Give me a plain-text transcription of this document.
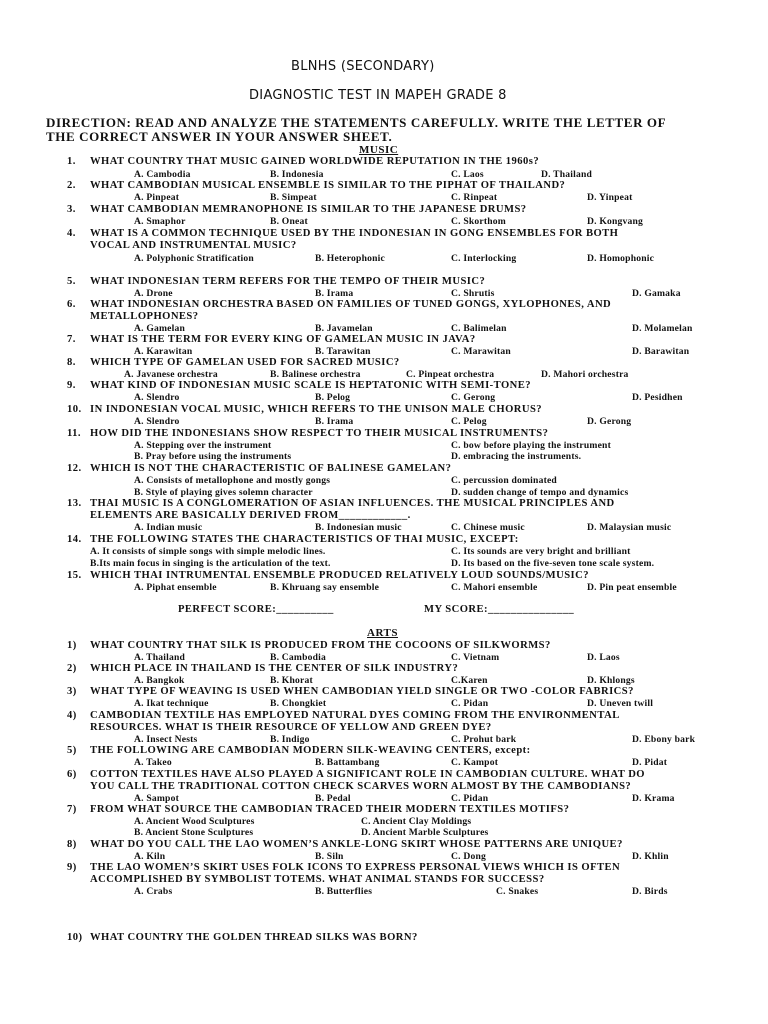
BLNHS (SECONDARY)
DIAGNOSTIC TEST IN MAPEH GRADE 8
DIRECTION: READ AND ANALYZE THE STATEMENTS CAREFULLY. WRITE THE LETTER OF
THE CORRECT ANSWER IN YOUR ANSWER SHEET.
MUSIC
1. WHAT COUNTRY THAT MUSIC GAINED WORLDWIDE REPUTATION IN THE 1960s?
A. Cambodia	B. Indonesia	C. Laos	D. Thailand
2. WHAT CAMBODIAN MUSICAL ENSEMBLE IS SIMILAR TO THE PIPHAT OF THAILAND?
A. Pinpeat	B. Simpeat	C. Rinpeat	D. Yinpeat
3. WHAT CAMBODIAN MEMRANOPHONE IS SIMILAR TO THE JAPANESE DRUMS?
A. Smaphor	B. Oneat	C. Skorthom	D. Kongvang
4. WHAT IS A COMMON TECHNIQUE USED BY THE INDONESIAN IN GONG ENSEMBLES FOR BOTH
VOCAL AND INSTRUMENTAL MUSIC?
A. Polyphonic Stratification	B. Heterophonic	C. Interlocking	D. Homophonic
5. WHAT INDONESIAN TERM REFERS FOR THE TEMPO OF THEIR MUSIC?
A. Drone	B. Irama	C. Shrutis	D. Gamaka
6. WHAT INDONESIAN ORCHESTRA BASED ON FAMILIES OF TUNED GONGS, XYLOPHONES, AND
METALLOPHONES?
A. Gamelan	B. Javamelan	C. Balimelan	D. Molamelan
7. WHAT IS THE TERM FOR EVERY KING OF GAMELAN MUSIC IN JAVA?
A. Karawitan	B. Tarawitan	C. Marawitan	D. Barawitan
8. WHICH TYPE OF GAMELAN USED FOR SACRED MUSIC?
A. Javanese orchestra	B. Balinese orchestra	C. Pinpeat orchestra	D. Mahori orchestra
9. WHAT KIND OF INDONESIAN MUSIC SCALE IS HEPTATONIC WITH SEMI-TONE?
A. Slendro	B. Pelog	C. Gerong	D. Pesidhen
10. IN INDONESIAN VOCAL MUSIC, WHICH REFERS TO THE UNISON MALE CHORUS?
A. Slendro	B. Irama	C. Pelog	D. Gerong
11. HOW DID THE INDONESIANS SHOW RESPECT TO THEIR MUSICAL INSTRUMENTS?
A. Stepping over the instrument	C. bow before playing the instrument
B. Pray before using the instruments	D. embracing the instruments.
12. WHICH IS NOT THE CHARACTERISTIC OF BALINESE GAMELAN?
A. Consists of metallophone and mostly gongs	C. percussion dominated
B. Style of playing gives solemn character	D. sudden change of tempo and dynamics
13. THAI MUSIC IS A CONGLOMERATION OF ASIAN INFLUENCES. THE MUSICAL PRINCIPLES AND
ELEMENTS ARE BASICALLY DERIVED FROM____________.
A. Indian music	B. Indonesian music	C. Chinese music	D. Malaysian music
14. THE FOLLOWING STATES THE CHARACTERISTICS OF THAI MUSIC, EXCEPT:
A. It consists of simple songs with simple melodic lines.	C. Its sounds are very bright and brilliant
B.Its main focus in singing is the articulation of the text.	D. Its based on the five-seven tone scale system.
15. WHICH THAI INTRUMENTAL ENSEMBLE PRODUCED RELATIVELY LOUD SOUNDS/MUSIC?
A. Piphat ensemble	B. Khruang say ensemble	C. Mahori ensemble	D. Pin peat ensemble
PERFECT SCORE:__________	MY SCORE:_______________
ARTS
1) WHAT COUNTRY THAT SILK IS PRODUCED FROM THE COCOONS OF SILKWORMS?
A. Thailand	B. Cambodia	C. Vietnam	D. Laos
2) WHICH PLACE IN THAILAND IS THE CENTER OF SILK INDUSTRY?
A. Bangkok	B. Khorat	C.Karen	D. Khlongs
3) WHAT TYPE OF WEAVING IS USED WHEN CAMBODIAN YIELD SINGLE OR TWO -COLOR FABRICS?
A. Ikat technique	B. Chongkiet	C. Pidan	D. Uneven twill
4) CAMBODIAN TEXTILE HAS EMPLOYED NATURAL DYES COMING FROM THE ENVIRONMENTAL
RESOURCES. WHAT IS THEIR RESOURCE OF YELLOW AND GREEN DYE?
A. Insect Nests	B. Indigo	C. Prohut bark	D. Ebony bark
5) THE FOLLOWING ARE CAMBODIAN MODERN SILK-WEAVING CENTERS, except:
A. Takeo	B. Battambang	C. Kampot	D. Pidat
6) COTTON TEXTILES HAVE ALSO PLAYED A SIGNIFICANT ROLE IN CAMBODIAN CULTURE. WHAT DO
YOU CALL THE TRADITIONAL COTTON CHECK SCARVES WORN ALMOST BY THE CAMBODIANS?
A. Sampot	B. Pedal	C. Pidan	D. Krama
7) FROM WHAT SOURCE THE CAMBODIAN TRACED THEIR MODERN TEXTILES MOTIFS?
A. Ancient Wood Sculptures	C. Ancient Clay Moldings
B. Ancient Stone Sculptures	D. Ancient Marble Sculptures
8) WHAT DO YOU CALL THE LAO WOMEN’S ANKLE-LONG SKIRT WHOSE PATTERNS ARE UNIQUE?
A. Kiln	B. Siln	C. Dong	D. Khlin
9) THE LAO WOMEN’S SKIRT USES FOLK ICONS TO EXPRESS PERSONAL VIEWS WHICH IS OFTEN
ACCOMPLISHED BY SYMBOLIST TOTEMS. WHAT ANIMAL STANDS FOR SUCCESS?
A. Crabs	B. Butterflies	C. Snakes	D. Birds
10) WHAT COUNTRY THE GOLDEN THREAD SILKS WAS BORN?
